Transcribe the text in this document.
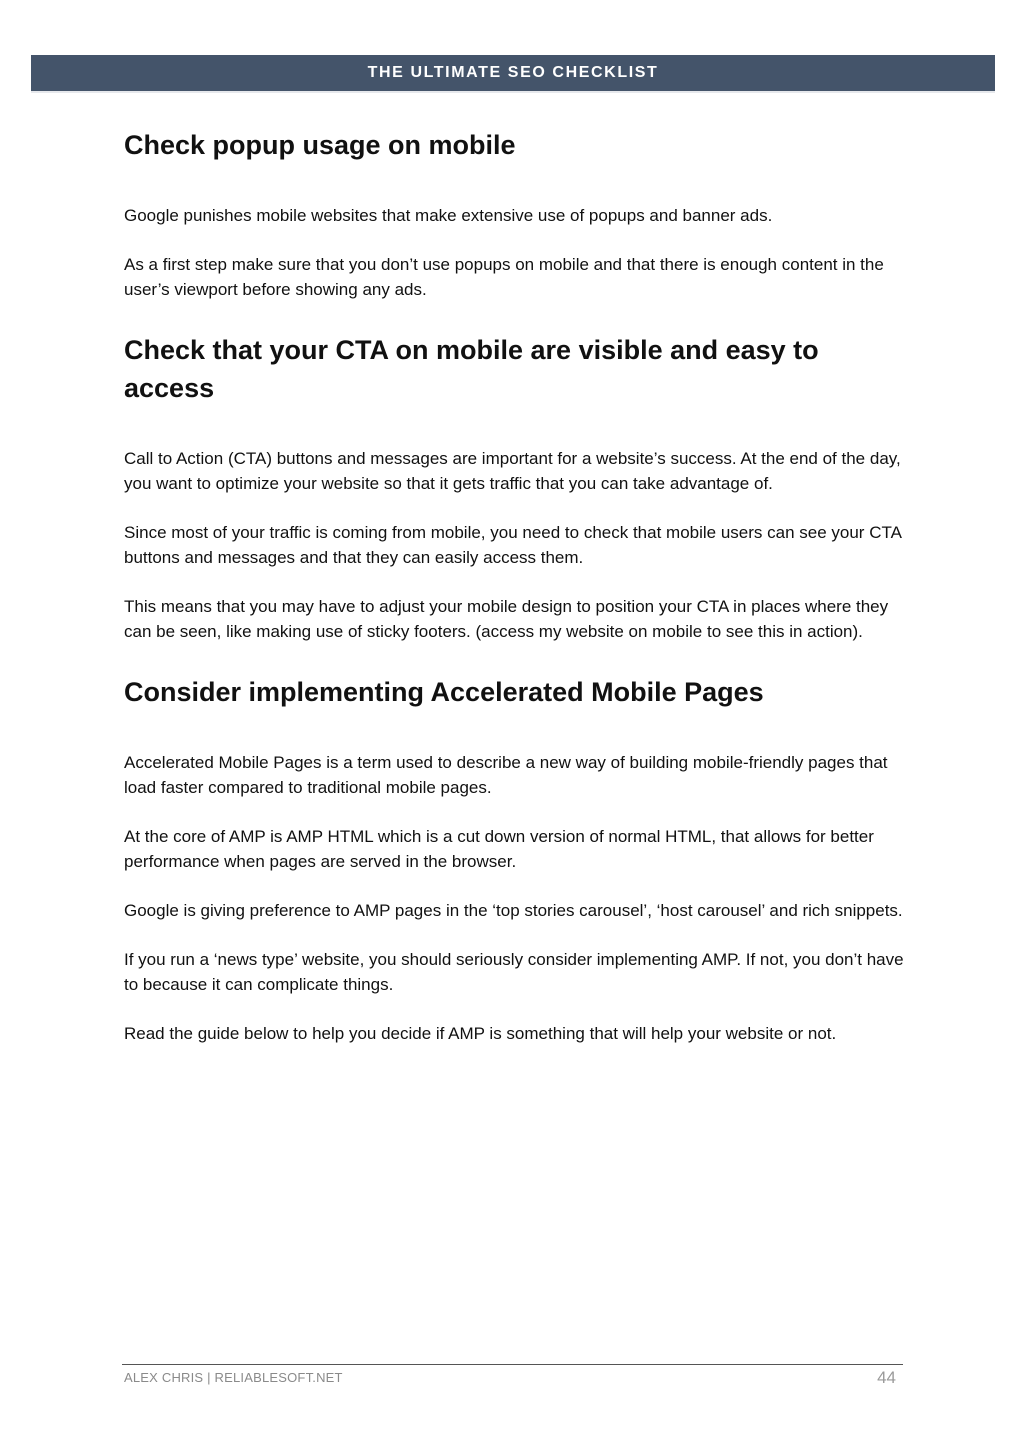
THE ULTIMATE SEO CHECKLIST
Check popup usage on mobile

Google punishes mobile websites that make extensive use of popups and banner ads.

As a first step make sure that you don’t use popups on mobile and that there is enough content in the user’s viewport before showing any ads.

Check that your CTA on mobile are visible and easy to access

Call to Action (CTA) buttons and messages are important for a website’s success. At the end of the day, you want to optimize your website so that it gets traffic that you can take advantage of.

Since most of your traffic is coming from mobile, you need to check that mobile users can see your CTA buttons and messages and that they can easily access them.

This means that you may have to adjust your mobile design to position your CTA in places where they can be seen, like making use of sticky footers. (access my website on mobile to see this in action).

Consider implementing Accelerated Mobile Pages

Accelerated Mobile Pages is a term used to describe a new way of building mobile-friendly pages that load faster compared to traditional mobile pages.

At the core of AMP is AMP HTML which is a cut down version of normal HTML, that allows for better performance when pages are served in the browser.

Google is giving preference to AMP pages in the ‘top stories carousel’, ‘host carousel’ and rich snippets.

If you run a ‘news type’ website, you should seriously consider implementing AMP. If not, you don’t have to because it can complicate things.

Read the guide below to help you decide if AMP is something that will help your website or not.

ALEX CHRIS | RELIABLESOFT.NET	44
